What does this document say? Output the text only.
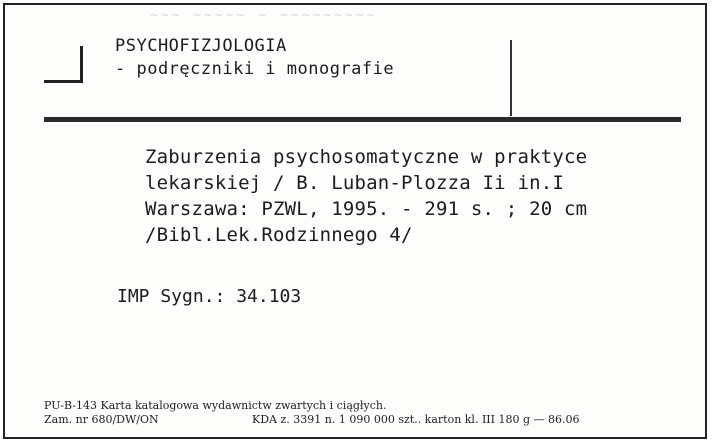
~~~ ~~~~~ ~ ~~~~~~~~~
PSYCHOFIZJOLOGIA
- podręczniki i monografie
Zaburzenia psychosomatyczne w praktyce
lekarskiej / B. Luban-Plozza Ii in.I
Warszawa: PZWL, 1995. - 291 s. ; 20 cm
/Bibl.Lek.Rodzinnego 4/
IMP Sygn.: 34.103
PU-B-143 Karta katalogowa wydawnictw zwartych i ciągłych.
Zam. nr 680/DW/ON	KDA z. 3391 n. 1 090 000 szt.. karton kl. III 180 g — 86.06
